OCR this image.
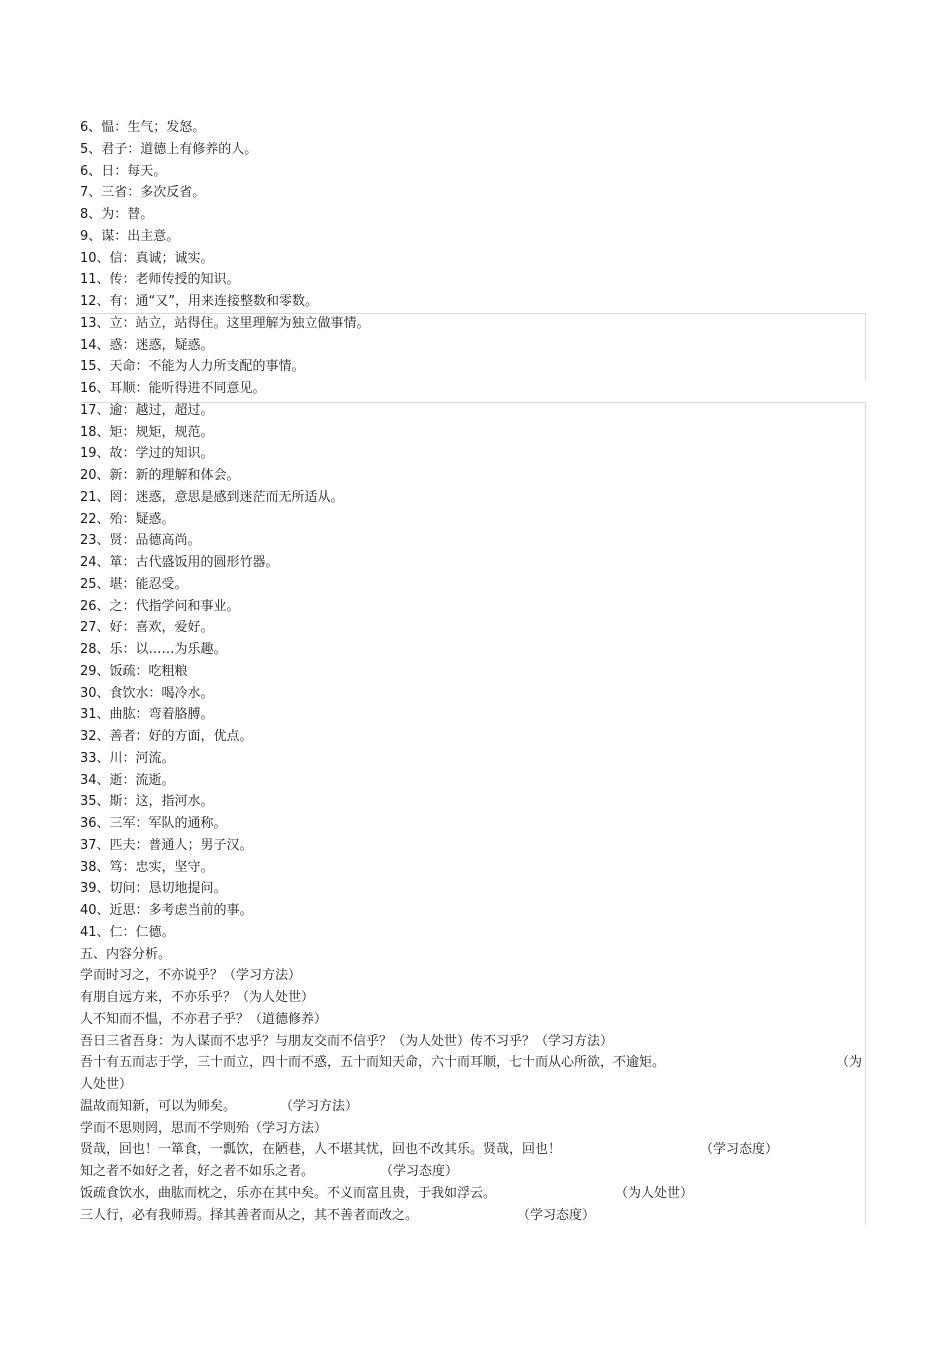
6、愠：生气；发怒。
5、君子：道德上有修养的人。
6、日：每天。
7、三省：多次反省。
8、为：替。
9、谋：出主意。
10、信：真诚；诚实。
11、传：老师传授的知识。
12、有：通“又”，用来连接整数和零数。
13、立：站立，站得住。这里理解为独立做事情。
14、惑：迷惑，疑惑。
15、天命：不能为人力所支配的事情。
16、耳顺：能听得进不同意见。
17、逾：越过，超过。
18、矩：规矩，规范。
19、故：学过的知识。
20、新：新的理解和体会。
21、罔：迷惑，意思是感到迷茫而无所适从。
22、殆：疑惑。
23、贤：品德高尚。
24、箪：古代盛饭用的圆形竹器。
25、堪：能忍受。
26、之：代指学问和事业。
27、好：喜欢，爱好。
28、乐：以……为乐趣。
29、饭疏：吃粗粮
30、食饮水：喝冷水。
31、曲肱：弯着胳膊。
32、善者：好的方面，优点。
33、川：河流。
34、逝：流逝。
35、斯：这，指河水。
36、三军：军队的通称。
37、匹夫：普通人；男子汉。
38、笃：忠实，坚守。
39、切问：恳切地提问。
40、近思：多考虑当前的事。
41、仁：仁德。
五、内容分析。
学而时习之，不亦说乎？（学习方法）
有朋自远方来，不亦乐乎？（为人处世）
人不知而不愠，不亦君子乎？（道德修养）
吾日三省吾身：为人谋而不忠乎？与朋友交而不信乎？（为人处世）传不习乎？（学习方法）
吾十有五而志于学，三十而立，四十而不惑，五十而知天命，六十而耳顺，七十而从心所欲，不逾矩。	（为
人处世）
温故而知新，可以为师矣。	（学习方法）
学而不思则罔，思而不学则殆（学习方法）
贤哉，回也！一箪食，一瓢饮，在陋巷，人不堪其忧，回也不改其乐。贤哉，回也！	（学习态度）
知之者不如好之者，好之者不如乐之者。	（学习态度）
饭疏食饮水，曲肱而枕之，乐亦在其中矣。不义而富且贵，于我如浮云。	（为人处世）
三人行，必有我师焉。择其善者而从之，其不善者而改之。	（学习态度）
